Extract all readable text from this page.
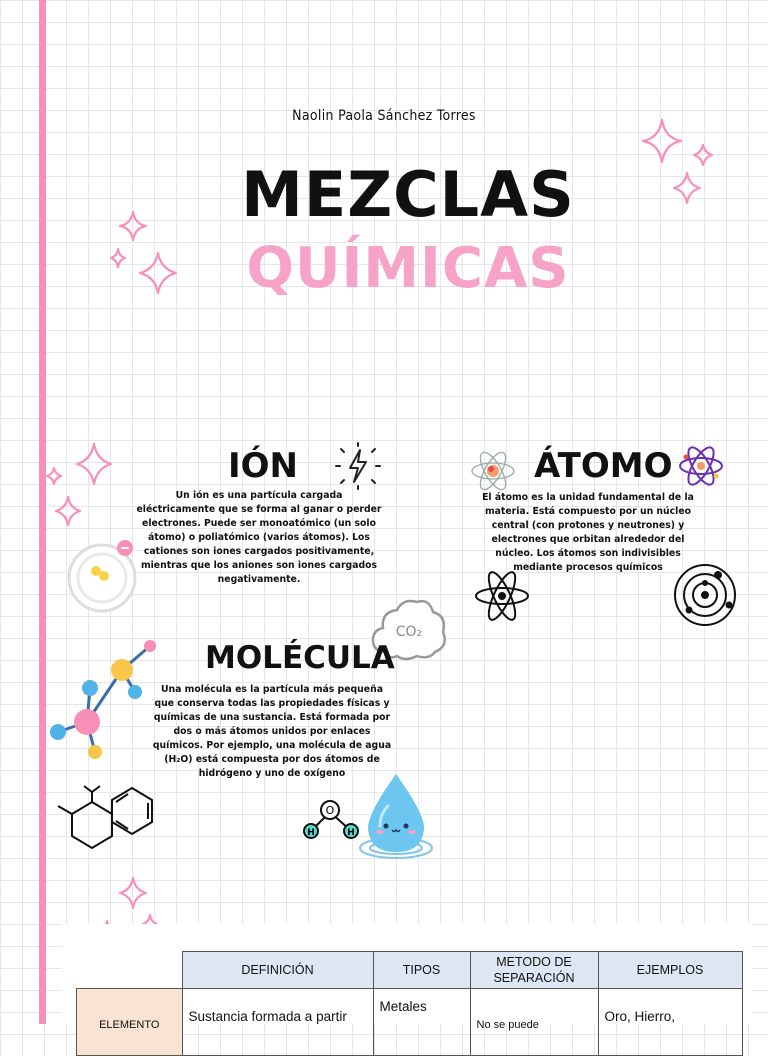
Naolin Paola Sánchez Torres
MEZCLAS
QUÍMICAS
IÓN
Un ión es una partícula cargada eléctricamente que se forma al ganar o perder electrones. Puede ser monoatómico (un solo átomo) o poliatómico (varios átomos). Los cationes son iones cargados positivamente, mientras que los aniones son iones cargados negativamente.
ÁTOMO
El átomo es la unidad fundamental de la materia. Está compuesto por un núcleo central (con protones y neutrones) y electrones que orbitan alrededor del núcleo. Los átomos son indivisibles mediante procesos químicos
CO₂
MOLÉCULA
Una molécula es la partícula más pequeña que conserva todas las propiedades físicas y químicas de una sustancia. Está formada por dos o más átomos unidos por enlaces químicos. Por ejemplo, una molécula de agua (H₂O) está compuesta por dos átomos de hidrógeno y uno de oxígeno
O
H	H
	DEFINICIÓN	TIPOS	METODO DE SEPARACIÓN	EJEMPLOS
ELEMENTO	Sustancia formada a partir	Metales	No se puede	Oro, Hierro,
